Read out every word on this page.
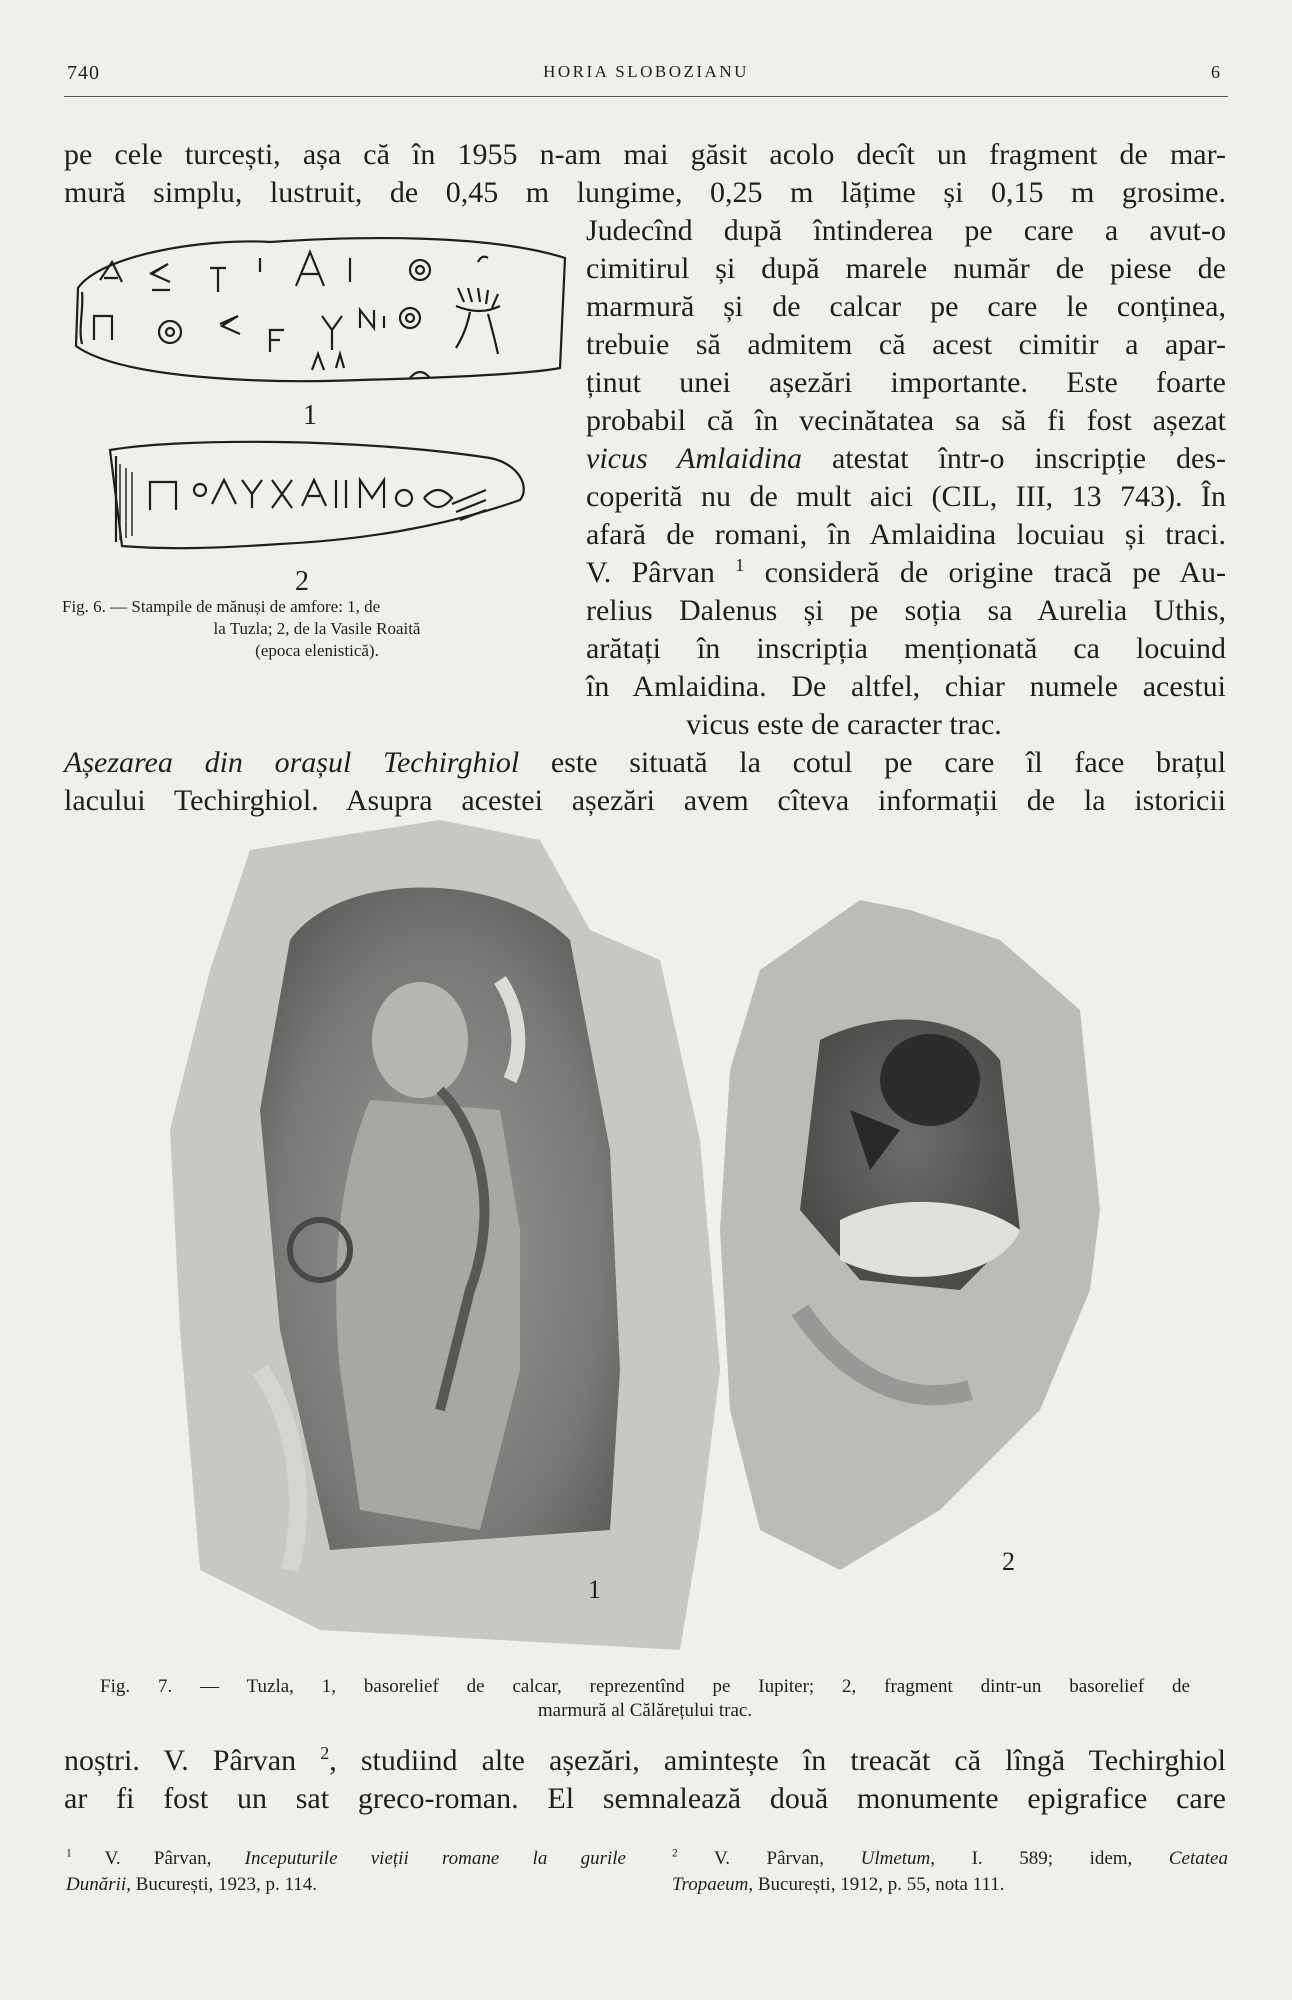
740	HORIA SLOBOZIANU	6
pe cele turcești, așa că în 1955 n-am mai găsit acolo decît un fragment de mar-
mură simplu, lustruit, de 0,45 m lungime, 0,25 m lățime și 0,15 m grosime.
Judecînd după întinderea pe care a avut-o
cimitirul și după marele număr de piese de
marmură și de calcar pe care le conținea,
trebuie să admitem că acest cimitir a apar-
ținut unei așezări importante. Este foarte
probabil că în vecinătatea sa să fi fost așezat
vicus Amlaidina atestat într-o inscripție des-
coperită nu de mult aici (CIL, III, 13 743). În
afară de romani, în Amlaidina locuiau și traci.
V. Pârvan $^1$ consideră de origine tracă pe Au-
relius Dalenus și pe soția sa Aurelia Uthis,
arătați în inscripția menționată ca locuind
în Amlaidina. De altfel, chiar numele acestui
vicus este de caracter trac.
Așezarea din orașul Techirghiol este situată la cotul pe care îl face brațul
lacului Techirghiol. Asupra acestei așezări avem cîteva informații de la istoricii
1
2
Fig. 6. — Stampile de mănuși de amfore: 1, de
la Tuzla; 2, de la Vasile Roaită
(epoca elenistică).
1
2
Fig. 7. — Tuzla, 1, basorelief de calcar, reprezentînd pe Iupiter; 2, fragment dintr-un basorelief de
marmură al Călărețului trac.
noștri. V. Pârvan $^2$, studiind alte așezări, amintește în treacăt că lîngă Techirghiol
ar fi fost un sat greco-roman. El semnalează două monumente epigrafice care
$^1$ V. Pârvan, Inceputurile vieții romane la gurile
Dunării, București, 1923, p. 114.
$^2$ V. Pârvan, Ulmetum, I. 589; idem, Cetatea
Tropaeum, București, 1912, p. 55, nota 111.
